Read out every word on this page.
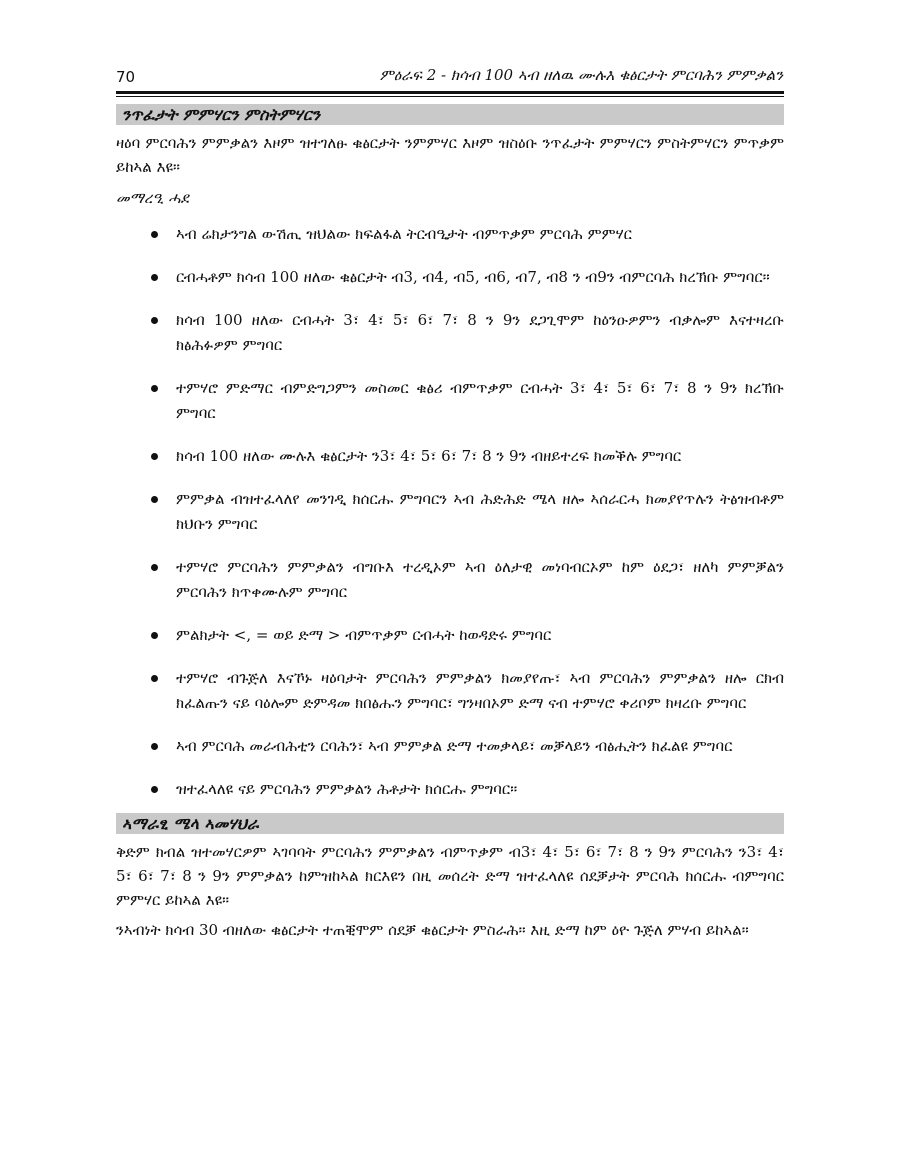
70	ምዕራፍ 2 - ክሳብ 100 ኣብ ዘለዉ ሙሉእ ቁፅርታት ምርባሕን ምምቃልን
ንጥፈታት ምምሃርን ምስትምሃርን

ዛዕባ ምርባሕን ምምቃልን እዞም ዝተገለፁ ቁፅርታት ንምምሃር እዞም ዝስዕቡ ንጥፈታት ምምሃርን ምስትምሃርን ምጥቃም ይከኣል እዩ።

መማረዒ ሓደ
ኣብ ሬክታንግል ውሽጢ ዝህልው ክፍልፋል ትርብዒታት ብምጥቃም ምርባሕ ምምሃር
ርብሓቶም ክሳብ 100 ዘለው ቁፅርታት ብ3, ብ4, ብ5, ብ6, ብ7, ብ8 ን ብ9ን ብምርባሕ ክረኽቡ ምግባር።
ክሳብ 100 ዘለው ርብሓት 3፣ 4፣ 5፣ 6፣ 7፣ 8 ን 9ን ደጋጊሞም ከዕንዑዎምን ብቃሎም እናተዛረቡ ክፅሕፉዎም ምግባር
ተምሃሮ ምድማር ብምድግጋምን መስመር ቁፅሪ ብምጥቃም ርብሓት 3፣ 4፣ 5፣ 6፣ 7፣ 8 ን 9ን ክረኽቡ ምግባር
ክሳብ 100 ዘለው ሙሉእ ቁፅርታት ን3፣ 4፣ 5፣ 6፣ 7፣ 8 ን 9ን ብዘይተረፍ ክመቕሉ ምግባር
ምምቃል ብዝተፈላለየ መንገዲ ክሰርሑ ምግባርን ኣብ ሕድሕድ ሜላ ዘሎ ኣሰራርሓ ክመያየጥሉን ትፅዝብቶም ክህቡን ምግባር
ተምሃሮ ምርባሕን ምምቃልን ብግቡእ ተረዲኦም ኣብ ዕለታዊ መነባብርኦም ከም ዕደጋ፣ ዘለካ ምምቓልን ምርባሕን ክጥቀሙሉም ምግባር
ምልክታት <, = ወይ ድማ > ብምጥቃም ርብሓት ከወዳድሩ ምግባር
ተምሃሮ ብጉጅለ እናኾኑ ዛዕባታት ምርባሕን ምምቃልን ክመያየጡ፣ ኣብ ምርባሕን ምምቃልን ዘሎ ርክብ ክፈልጡን ናይ ባዕሎም ድምዳመ ክበፅሑን ምግባር፣ ግንዛበኦም ድማ ናብ ተምሃሮ ቀሪቦም ክዛረቡ ምግባር
ኣብ ምርባሕ መራብሕቲን ርባሕን፣ ኣብ ምምቃል ድማ ተመቃላይ፣ መቓላይን ብፅሒትን ክፈልዩ ምግባር
ዝተፈላለዩ ናይ ምርባሕን ምምቃልን ሕቶታት ክሰርሑ ምግባር።
ኣማራፂ ሜላ ኣመሃህራ

ቅድም ክብል ዝተመሃርዎም ኣገባባት ምርባሕን ምምቃልን ብምጥቃም ብ3፣ 4፣ 5፣ 6፣ 7፣ 8 ን 9ን ምርባሕን ን3፣ 4፣ 5፣ 6፣ 7፣ 8 ን 9ን ምምቃልን ከምዝከኣል ክርእዩን በዚ መሰረት ድማ ዝተፈላለዩ ሰደቓታት ምርባሕ ክሰርሑ ብምግባር ምምሃር ይከኣል እዩ።

ንኣብነት ክሳብ 30 ብዘለው ቁፅርታት ተጠቒሞም ሰደቓ ቁፅርታት ምስራሕ። እዚ ድማ ከም ዕዮ ጉጅለ ምሃብ ይከኣል።
